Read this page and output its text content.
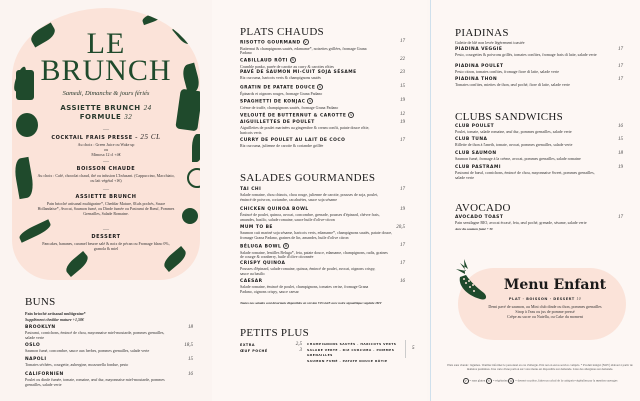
LE
BRUNCH
Samedi, Dimanche & jours fériés
ASSIETTE BRUNCH 24
FORMULE 32
—
COCKTAIL FRAIS PRESSE - 25 CL
Au choix : Green Juice ou Wake up
ou
Mimosa 12 cl +4€
—
BOISSON CHAUDE
Au choix : Café, chocolat chaud, thé ou infusion L'Infusant. (Cappuccino, Macchiato, ou lait végétal +1€)
—
ASSIETTE BRUNCH
Pain brioché artisanal multigraine*, Cheddar Mature, Œufs pochés, Sauce Hollandaise*, Avocat, Saumon fumé, ou Dinde fumée ou Pastrami de Bœuf, Pommes Grenailles, Salade Romaine.
—
DESSERT
Pancakes, bananes, caramel beurre salé & noix de pécan ou Fromage blanc 0%, granola & miel
BUNS
Pain brioché artisanal multigraine*
Supplément cheddar mature +1,50€
BROOKLYN
Pastrami, cornichons, émincé de chou, mayonnaise miel-moutarde, pommes grenailles, salade verte
18
OSLO
Saumon fumé, concombre, sauce aux herbes, pommes grenailles, salade verte
18,5
NAPOLI
Tomates séchées, courgette, aubergine, mozzarella fondue, pesto
15
CALIFORNIEN
Poulet ou dinde fumée, tomate, romaine, œuf dur, mayonnaise miel-moutarde, pommes grenailles, salade verte
16
PLATS CHAUDS
RISOTTO GOURMAND V
Butternut & champignons sautés, edamame*, noisettes grillées, fromage Grana Padano
17
CABILLAUD RÔTI R
Crumble panko, purée de carotte au curry & carottes rôties
22
PAVÉ DE SAUMON MI-CUIT SOJA SÉSAME
Riz curcuma, haricots verts & champignons sautés
23
GRATIN DE PATATE DOUCE V
Épinards et oignons rouges, fromage Grana Padano
15
SPAGHETTI DE KONJAC V
Crème de truffe, champignons sautés, fromage Grana Padano
19
VELOUTÉ DE BUTTERNUT & CAROTTE V	12
AIGUILLETTES DE POULET
Aiguillettes de poulet marinées au gingembre & cream confit, patate douce rôtie, haricots verts
19
CURRY DE POULET AU LAIT DE COCO
Riz curcuma, julienne de carotte & coriandre grillée
17
SALADES GOURMANDES
TAI CHI
Salade romaine, chou chinois, chou rouge, julienne de carotte, pousses de soja, poulet, émincé de poivron, coriandre, cacahuètes, sauce soja sésame
17
CHICKEN QUINOA BOWL
Émincé de poulet, quinoa, avocat, concombre, grenade, pousses d'épinard, chèvre frais, amandes, basilic, salade romaine, sauce huile d'olive-citron
19
MUM TO BE
Saumon cuit mariné soja sésame, haricots verts, edamame*, champignons sautés, patate douce, fromage Grana Padano, graines de lin, amandes, huile d'olive citron
20,5
BÉLUGA BOWL R
Salade romaine, lentilles Beluga*, feta, patate douce, edamame, champignons, radis, graines de courge & cranberry, huile d'olive citronnée
17
CRISPY QUINOA
Pousses d'épinard, salade romaine, quinoa, émincé de poulet, avocat, oignons crispy, sauce au basilic
17
CAESAR
Salade romaine, émincé de poulet, champignons, tomates cerise, fromage Grana Padano, oignons crispy, sauce caesar
16
Toutes nos salades sont désormais disponibles en version VEGGIE avec notre signalétique végétale IMV
PETITS PLUS
EXTRA	2,5
ŒUF POCHÉ	3
CHAMPIGNONS SAUTÉS · HARICOTS VERTS
SALADE VERTE · RIZ CURCUMA · POMMES GRENAILLES
SAUMON FUMÉ · PATATE DOUCE RÔTIE
5
PIADINAS
Galette de blé non levée légèrement toastée
PIADINA VEGGIE
Pesto, courgettes & poivrons grillés, tomates confites, fromage frais di latte, salade verte
17
PIADINA POULET
Pesto citron, tomates confites, fromage fiore di latte, salade verte
17
PIADINA THON
Tomates confites, miettes de thon, œuf poché, fiore di latte, salade verte
17
CLUBS SANDWICHS
CLUB POULET
Poulet, tomate, salade romaine, œuf dur, pommes grenailles, salade verte
16
CLUB TUNA
Rillette de thon à l'aneth, tomate, avocat, pommes grenailles, salade verte
15
CLUB SAUMON
Saumon fumé, fromage à la crème, avocat, pommes grenailles, salade romaine
18
CLUB PASTRAMI
Pastrami de bœuf, cornichons, émincé de chou, mayonnaise Sweet, pommes grenailles, salade verte
19
AVOCADO
AVOCADO TOAST
Pain semilagne BIO, avocat écrasé, feta, œuf poché, grenade, sésame, salade verte
17
Avec du saumon fumé + 5€
Menu Enfant
PLAT · BOISSON · DESSERT 10
Demi pavé de saumon, au Mini club dinde ou thon, pommes grenailles
Sirop à l'eau ou jus de pomme pressé
Crêpe au sucre ou Nutella, ou Cake du moment
Plats sans viande : légumes. Veuillez informer le personnel en cas d'allergie. Prix net en euros service compris. * Produit intégré (NOV) élaboré à partir de matières premières. Une carte d'une portion sur votre menu est disponible sur demande. Liste des allergènes sur demande.
V = sans gluten V = végétarien R = dessert ou pièce, faites un calcul de la catégorie végétalien par la mention sauvages
